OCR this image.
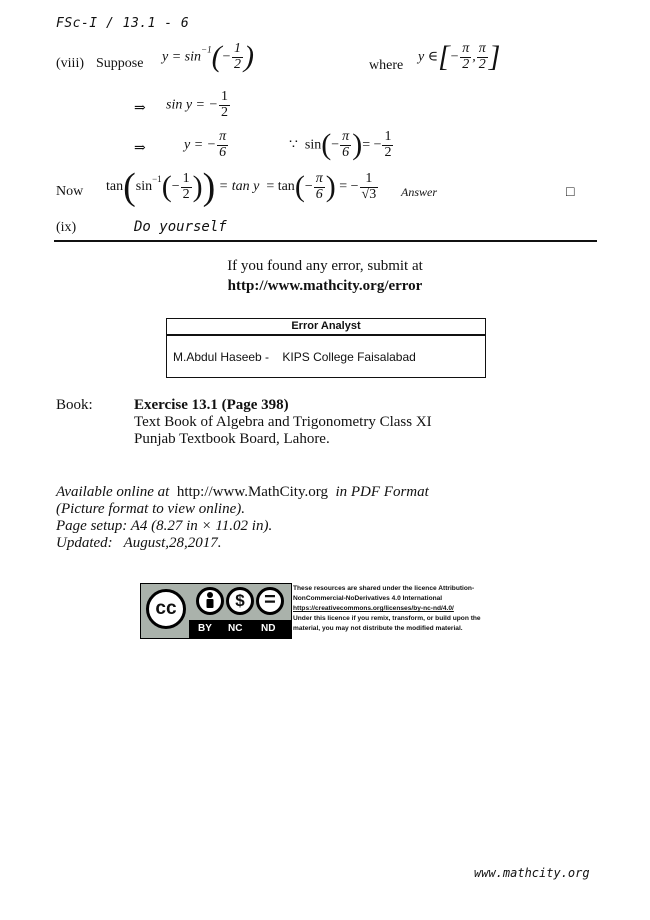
FSc-I / 13.1 - 6
(viii) Suppose $y = \sin^{-1}(- \frac{1}{2}$ )	where
y ∈[− $\frac{\pi}{2}$ , $\frac{\pi}{2}$ ]
⇒ sin y = − $\frac{1}{2}$
⇒	y = − $\frac{\pi}{6}$	∵ $\sin(- \frac{\pi}{6}$ )= − $\frac{1}{2}$
Now $\tan(\sin^{-1}(- \frac{1}{2}$ )) = $\tan y = \tan(- \frac{\pi}{6}$ ) = − $\frac{1}{√3}$ Answer	□
(ix)	Do yourself
If you found any error, submit at
http://www.mathcity.org/error
Error Analyst
M.Abdul Haseeb - KIPS College Faisalabad
Book:	Exercise 13.1 (Page 398)
Text Book of Algebra and Trigonometry Class XI
Punjab Textbook Board, Lahore.
Available online at http://www.MathCity.org in PDF Format
(Picture format to view online).
Page setup: A4 (8.27 in × 11.02 in).
Updated: August,28,2017.
cc	$ =
BY NC ND
These resources are shared under the licence Attribution-
NonCommercial-NoDerivatives 4.0 International
https://creativecommons.org/licenses/by-nc-nd/4.0/
Under this licence if you remix, transform, or build upon the
material, you may not distribute the modified material.
www.mathcity.org
